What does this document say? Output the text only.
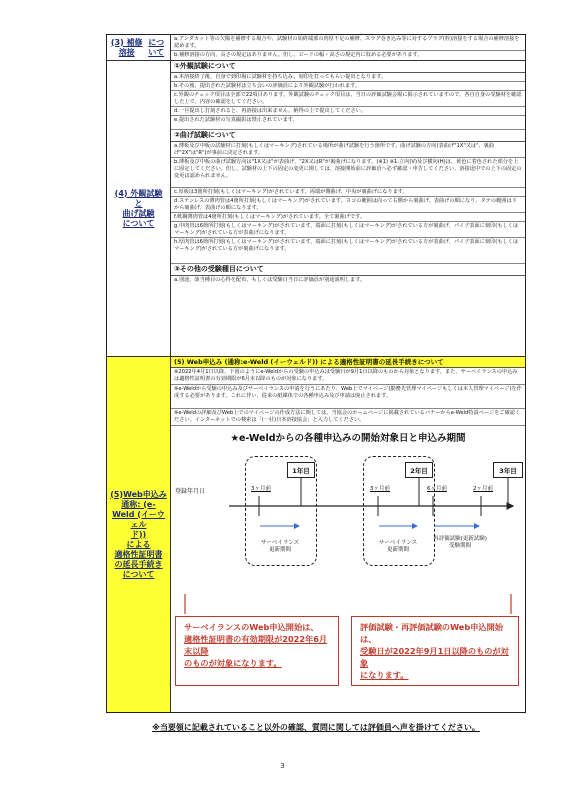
(3) 補修溶接
について
a.アンダカット等の欠陥を補修する場合や、試験材の始終端部の肉厚不足の補修、スラグ巻き込み等に対するプラグ(栓)溶接をする場合の補修溶接を認めます。
b.補修溶接の方向、長さの規定はありません。但し、ビードの幅・高さの規定内に収める必要があります。
(4) 外観試験
と
曲げ試験
について
①外観試験について
a.本溶接終了後、自身で到印場に試験材を持ち込み、刻印を打ってもらい提出となります。
b.その後、提出された試験材は立ち会いの評価員により外観試験が行われます。
c.外観のチェック項目は全部で22項目あります。外観試験のチェック項目は、当日の評価試験会場に掲示されていますので、各自自身の受験材を確認した上で、内容の確認をしてください。
d.一旦提出し打刻されると、再溶接は出来ません。納得の上で提出してください。
e.提出された試験材の写真撮影は禁止されています。
②曲げ試験について
a.薄板及び中板の試験材に打刻(もしくはマーキング)されている場所が曲げ試験を行う箇所です。曲げ試験の方向(表曲げ"1X"又は"、裏曲げ"2X"は"R")が事前に決定されます。
b.薄板及び中板の曲げ試験方向は"1X又は"が表曲げ、"2X又はR"が裏曲げになります。(※1) ※1.立向(V)及び横向(H)は、黄色に着色された部分を上に固定してください。但し、試験材の上下の固定の変更に関しては、溶接開始前に評価員へ必ず確認・申告してください。溶接途中での上下の固定の変更は認められません。
c.厚板は3箇所打刻(もしくはマーキング)がされています。両端が側曲げ、中央が裏曲げになります。
d.ステンレスの薄肉管は4箇所打刻(もしくはマーキング)がされています。ヨコの範囲は向って右側から裏曲げ、表曲げの順になり、タテの範囲は下から裏曲げ、表曲げの順になります。
f.軟鋼薄肉管は4箇所打刻(もしくはマーキング)がされています。全て裏曲げです。
g.中肉管は6箇所打刻(もしくはマーキング)がされています。端面に打刻(もしくはマーキング)がされている方が裏曲げ、パイプ表面に刻印(もしくはマーキング)がされている方が表曲げになります。
h.厚肉管は6箇所打刻(もしくはマーキング)がされています。端面に打刻(もしくはマーキング)がされている方が表曲げ、パイプ表面に刻印(もしくはマーキング)がされている方が裏曲げになります。
③その他の受験種目について
a.別途、該当種目の心得を配布、もしくは受験日当日に評価員が別途説明します。
(5)Web申込み
通称: (e-
Weld (イーウェル
ド))
による
適格性証明書
の延長手続き
について
(5) Web申込み (通称:e-Weld (イーウェルド)) による適格性証明書の延長手続きについて
※2022年4月1日以降、下図のようにe-Weldからの受験の申込みは受験日が9月1日以降のものから対象となります。また、サーベイランスの申込みは適格性証明書の有効期限が6月末以降のものが対象になります。
※e-Weldから受験の申込み及びサーベイランスの申請を行うにあたり、Web上でマイページ(勤務先管理マイページもしくは本人管理マイページ)を作成する必要があります。これに伴い、従来の紙媒体での各種申込み及び申請は廃止されます。
※e-Weldの詳細及びWeb上でのマイページの作成方法に関しては、当協会のホームページに掲載されているバナーからe-Weld特設ページをご確認ください。インターネットでの検索は「(一社)日本溶接協会」と入力してください。
★e-Weldからの各種申込みの開始対象日と申込み期間
1年目	2年目	3年目
登録年月日	3ヶ月前	3ヶ月前	6ヶ月前	2ヶ月前
サーベイランス
更新期間
サーベイランス
更新期間
再評価試験(更新試験)
受験期間
サーベイランスのWeb申込開始は、
適格性証明書の有効期限が2022年6月末以降
のものが対象になります。
評価試験・再評価試験のWeb申込開始は、
受験日が2022年9月1日以降のものが対象
になります。
※当要領に記載されていること以外の確認、質問に関しては評価員へ声を掛けてください。
3
